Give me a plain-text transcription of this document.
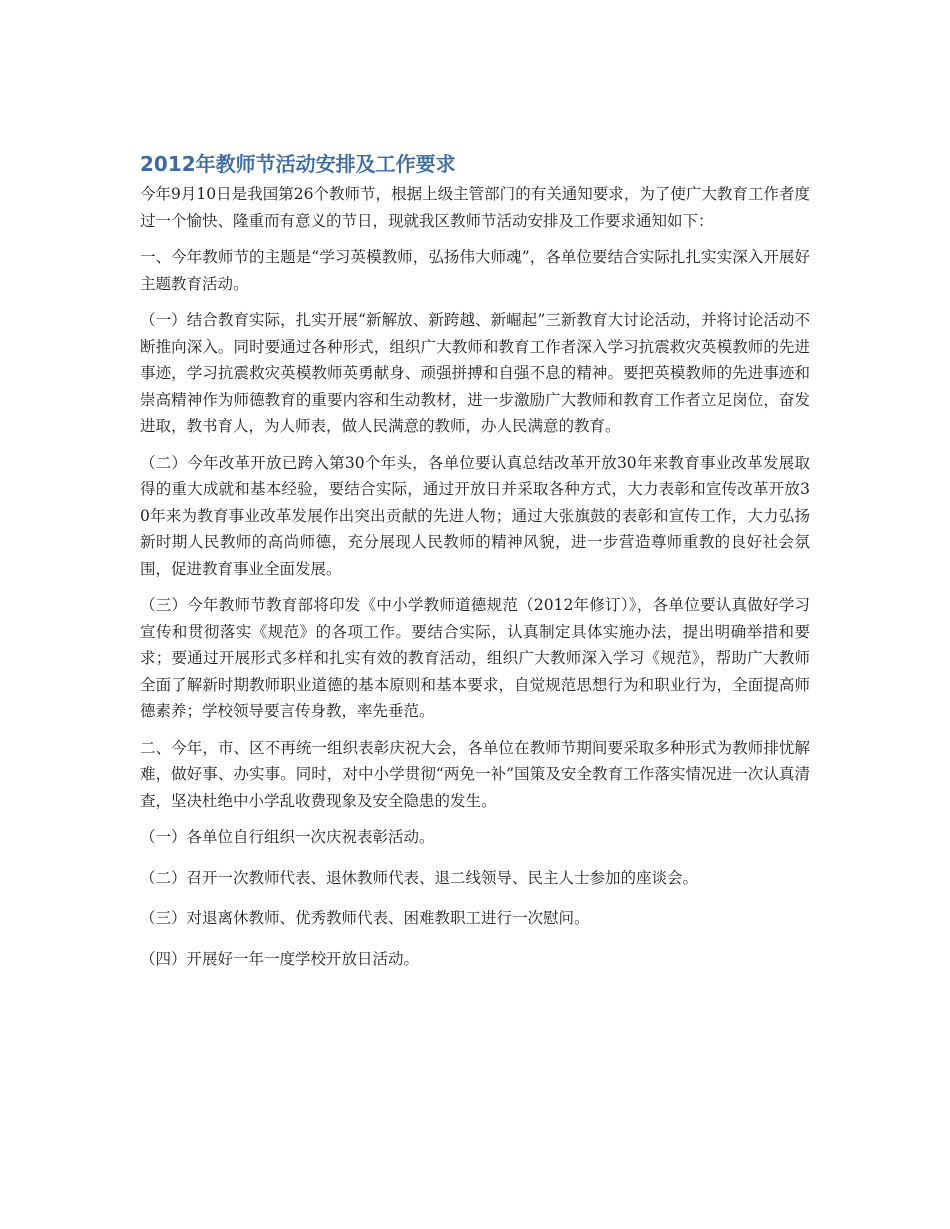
2012年教师节活动安排及工作要求

今年9月10日是我国第26个教师节，根据上级主管部门的有关通知要求，为了使广大教育工作者度过一个愉快、隆重而有意义的节日，现就我区教师节活动安排及工作要求通知如下：

一、今年教师节的主题是“学习英模教师，弘扬伟大师魂”，各单位要结合实际扎扎实实深入开展好主题教育活动。

（一）结合教育实际，扎实开展“新解放、新跨越、新崛起”三新教育大讨论活动，并将讨论活动不断推向深入。同时要通过各种形式，组织广大教师和教育工作者深入学习抗震救灾英模教师的先进事迹，学习抗震救灾英模教师英勇献身、顽强拼搏和自强不息的精神。要把英模教师的先进事迹和崇高精神作为师德教育的重要内容和生动教材，进一步激励广大教师和教育工作者立足岗位，奋发进取，教书育人，为人师表，做人民满意的教师，办人民满意的教育。

（二）今年改革开放已跨入第30个年头，各单位要认真总结改革开放30年来教育事业改革发展取得的重大成就和基本经验，要结合实际，通过开放日并采取各种方式，大力表彰和宣传改革开放30年来为教育事业改革发展作出突出贡献的先进人物；通过大张旗鼓的表彰和宣传工作，大力弘扬新时期人民教师的高尚师德，充分展现人民教师的精神风貌，进一步营造尊师重教的良好社会氛围，促进教育事业全面发展。

（三）今年教师节教育部将印发《中小学教师道德规范（2012年修订）》，各单位要认真做好学习宣传和贯彻落实《规范》的各项工作。要结合实际，认真制定具体实施办法，提出明确举措和要求；要通过开展形式多样和扎实有效的教育活动，组织广大教师深入学习《规范》，帮助广大教师全面了解新时期教师职业道德的基本原则和基本要求，自觉规范思想行为和职业行为，全面提高师德素养；学校领导要言传身教，率先垂范。

二、今年，市、区不再统一组织表彰庆祝大会，各单位在教师节期间要采取多种形式为教师排忧解难，做好事、办实事。同时，对中小学贯彻“两免一补”国策及安全教育工作落实情况进一次认真清查，坚决杜绝中小学乱收费现象及安全隐患的发生。

（一）各单位自行组织一次庆祝表彰活动。

（二）召开一次教师代表、退休教师代表、退二线领导、民主人士参加的座谈会。

（三）对退离休教师、优秀教师代表、困难教职工进行一次慰问。

（四）开展好一年一度学校开放日活动。
